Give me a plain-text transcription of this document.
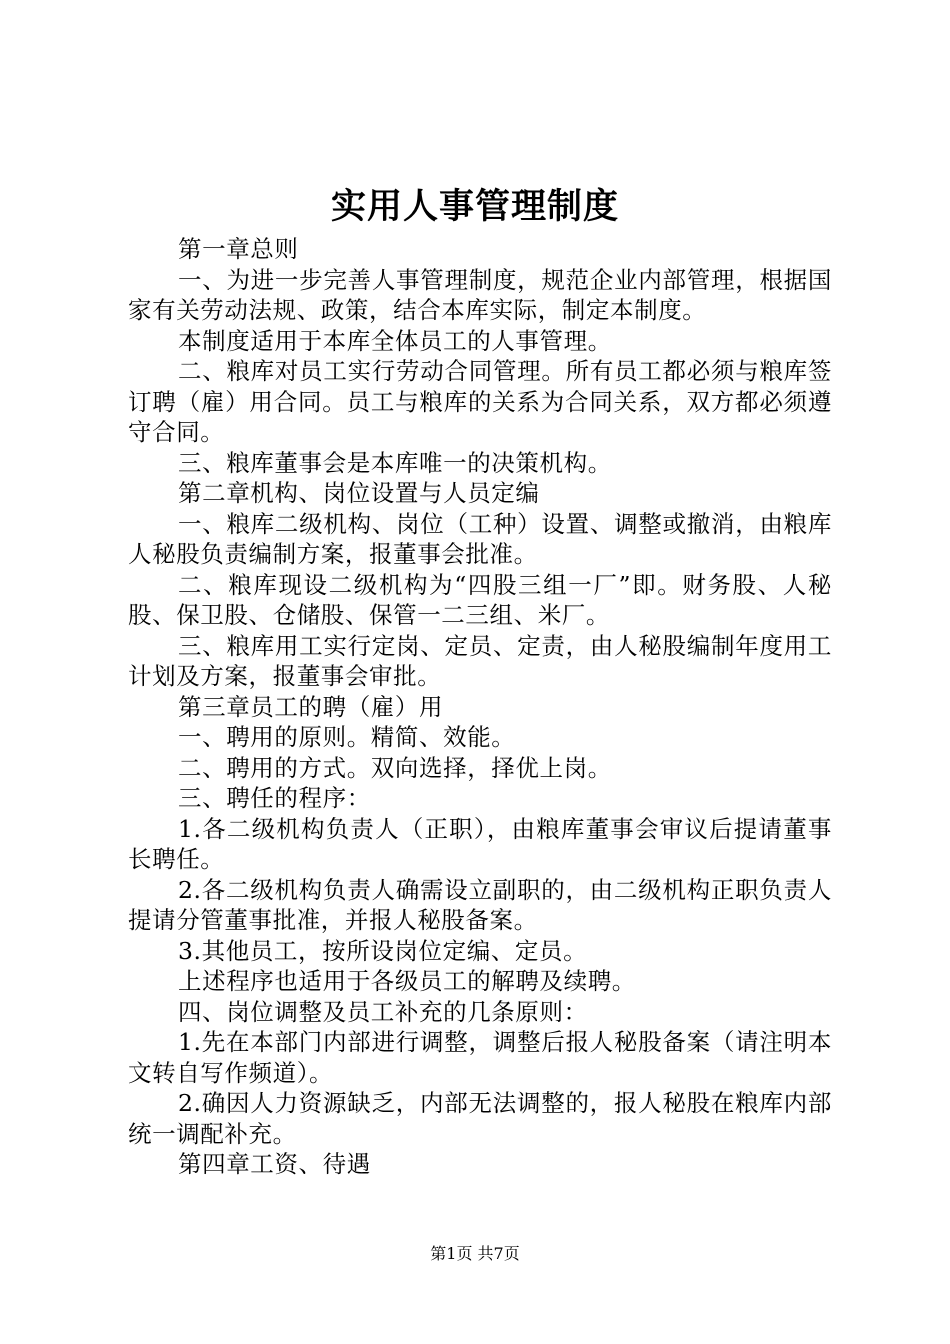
实用人事管理制度

第一章总则

一、为进一步完善人事管理制度，规范企业内部管理，根据国家有关劳动法规、政策，结合本库实际，制定本制度。

本制度适用于本库全体员工的人事管理。

二、粮库对员工实行劳动合同管理。所有员工都必须与粮库签订聘（雇）用合同。员工与粮库的关系为合同关系，双方都必须遵守合同。

三、粮库董事会是本库唯一的决策机构。

第二章机构、岗位设置与人员定编

一、粮库二级机构、岗位（工种）设置、调整或撤消，由粮库人秘股负责编制方案，报董事会批准。

二、粮库现设二级机构为“四股三组一厂”即。财务股、人秘股、保卫股、仓储股、保管一二三组、米厂。

三、粮库用工实行定岗、定员、定责，由人秘股编制年度用工计划及方案，报董事会审批。

第三章员工的聘（雇）用

一、聘用的原则。精简、效能。

二、聘用的方式。双向选择，择优上岗。

三、聘任的程序：

1.各二级机构负责人（正职），由粮库董事会审议后提请董事长聘任。

2.各二级机构负责人确需设立副职的，由二级机构正职负责人提请分管董事批准，并报人秘股备案。

3.其他员工，按所设岗位定编、定员。

上述程序也适用于各级员工的解聘及续聘。

四、岗位调整及员工补充的几条原则：

1.先在本部门内部进行调整，调整后报人秘股备案（请注明本文转自写作频道）。

2.确因人力资源缺乏，内部无法调整的，报人秘股在粮库内部统一调配补充。

第四章工资、待遇

第1页 共7页
